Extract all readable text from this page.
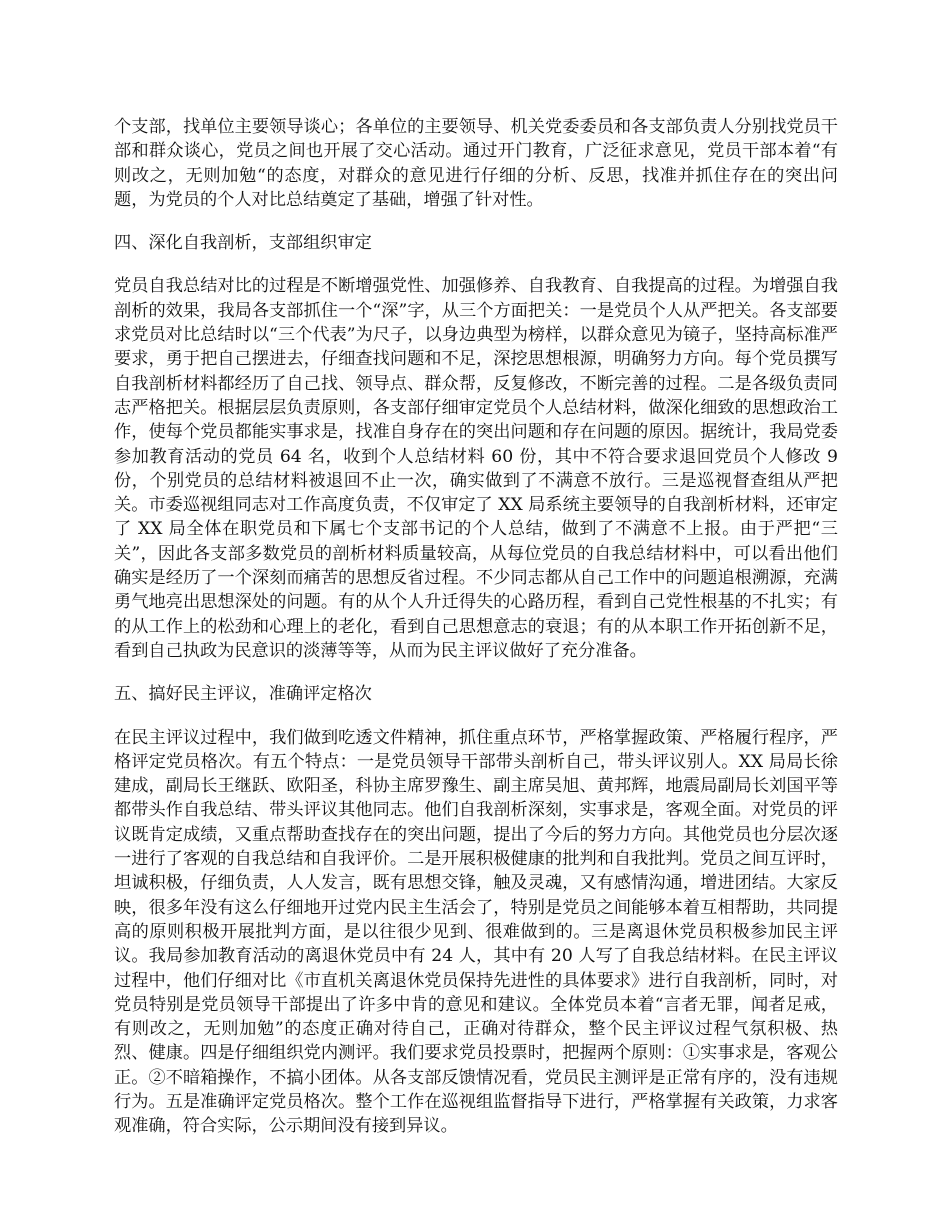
个支部，找单位主要领导谈心；各单位的主要领导、机关党委委员和各支部负责人分别找党员干部和群众谈心，党员之间也开展了交心活动。通过开门教育，广泛征求意见，党员干部本着“有则改之，无则加勉“的态度，对群众的意见进行仔细的分析、反思，找准并抓住存在的突出问题，为党员的个人对比总结奠定了基础，增强了针对性。

四、深化自我剖析，支部组织审定

党员自我总结对比的过程是不断增强党性、加强修养、自我教育、自我提高的过程。为增强自我剖析的效果，我局各支部抓住一个“深”字，从三个方面把关：一是党员个人从严把关。各支部要求党员对比总结时以“三个代表”为尺子，以身边典型为榜样，以群众意见为镜子，坚持高标准严要求，勇于把自己摆进去，仔细查找问题和不足，深挖思想根源，明确努力方向。每个党员撰写自我剖析材料都经历了自己找、领导点、群众帮，反复修改，不断完善的过程。二是各级负责同志严格把关。根据层层负责原则，各支部仔细审定党员个人总结材料，做深化细致的思想政治工作，使每个党员都能实事求是，找准自身存在的突出问题和存在问题的原因。据统计，我局党委参加教育活动的党员 64 名，收到个人总结材料 60 份，其中不符合要求退回党员个人修改 9 份，个别党员的总结材料被退回不止一次，确实做到了不满意不放行。三是巡视督查组从严把关。市委巡视组同志对工作高度负责，不仅审定了 XX 局系统主要领导的自我剖析材料，还审定了 XX 局全体在职党员和下属七个支部书记的个人总结，做到了不满意不上报。由于严把“三关”，因此各支部多数党员的剖析材料质量较高，从每位党员的自我总结材料中，可以看出他们确实是经历了一个深刻而痛苦的思想反省过程。不少同志都从自己工作中的问题追根溯源，充满勇气地亮出思想深处的问题。有的从个人升迁得失的心路历程，看到自己党性根基的不扎实；有的从工作上的松劲和心理上的老化，看到自己思想意志的衰退；有的从本职工作开拓创新不足，看到自己执政为民意识的淡薄等等，从而为民主评议做好了充分准备。

五、搞好民主评议，准确评定格次

在民主评议过程中，我们做到吃透文件精神，抓住重点环节，严格掌握政策、严格履行程序，严格评定党员格次。有五个特点：一是党员领导干部带头剖析自己，带头评议别人。XX 局局长徐建成，副局长王继跃、欧阳圣，科协主席罗豫生、副主席吴旭、黄邦辉，地震局副局长刘国平等都带头作自我总结、带头评议其他同志。他们自我剖析深刻，实事求是，客观全面。对党员的评议既肯定成绩，又重点帮助查找存在的突出问题，提出了今后的努力方向。其他党员也分层次逐一进行了客观的自我总结和自我评价。二是开展积极健康的批判和自我批判。党员之间互评时，坦诚积极，仔细负责，人人发言，既有思想交锋，触及灵魂，又有感情沟通，增进团结。大家反映，很多年没有这么仔细地开过党内民主生活会了，特别是党员之间能够本着互相帮助，共同提高的原则积极开展批判方面，是以往很少见到、很难做到的。三是离退休党员积极参加民主评议。我局参加教育活动的离退休党员中有 24 人，其中有 20 人写了自我总结材料。在民主评议过程中，他们仔细对比《市直机关离退休党员保持先进性的具体要求》进行自我剖析，同时，对党员特别是党员领导干部提出了许多中肯的意见和建议。全体党员本着“言者无罪，闻者足戒，有则改之，无则加勉”的态度正确对待自己，正确对待群众，整个民主评议过程气氛积极、热烈、健康。四是仔细组织党内测评。我们要求党员投票时，把握两个原则：①实事求是，客观公正。②不暗箱操作，不搞小团体。从各支部反馈情况看，党员民主测评是正常有序的，没有违规行为。五是准确评定党员格次。整个工作在巡视组监督指导下进行，严格掌握有关政策，力求客观准确，符合实际，公示期间没有接到异议。
